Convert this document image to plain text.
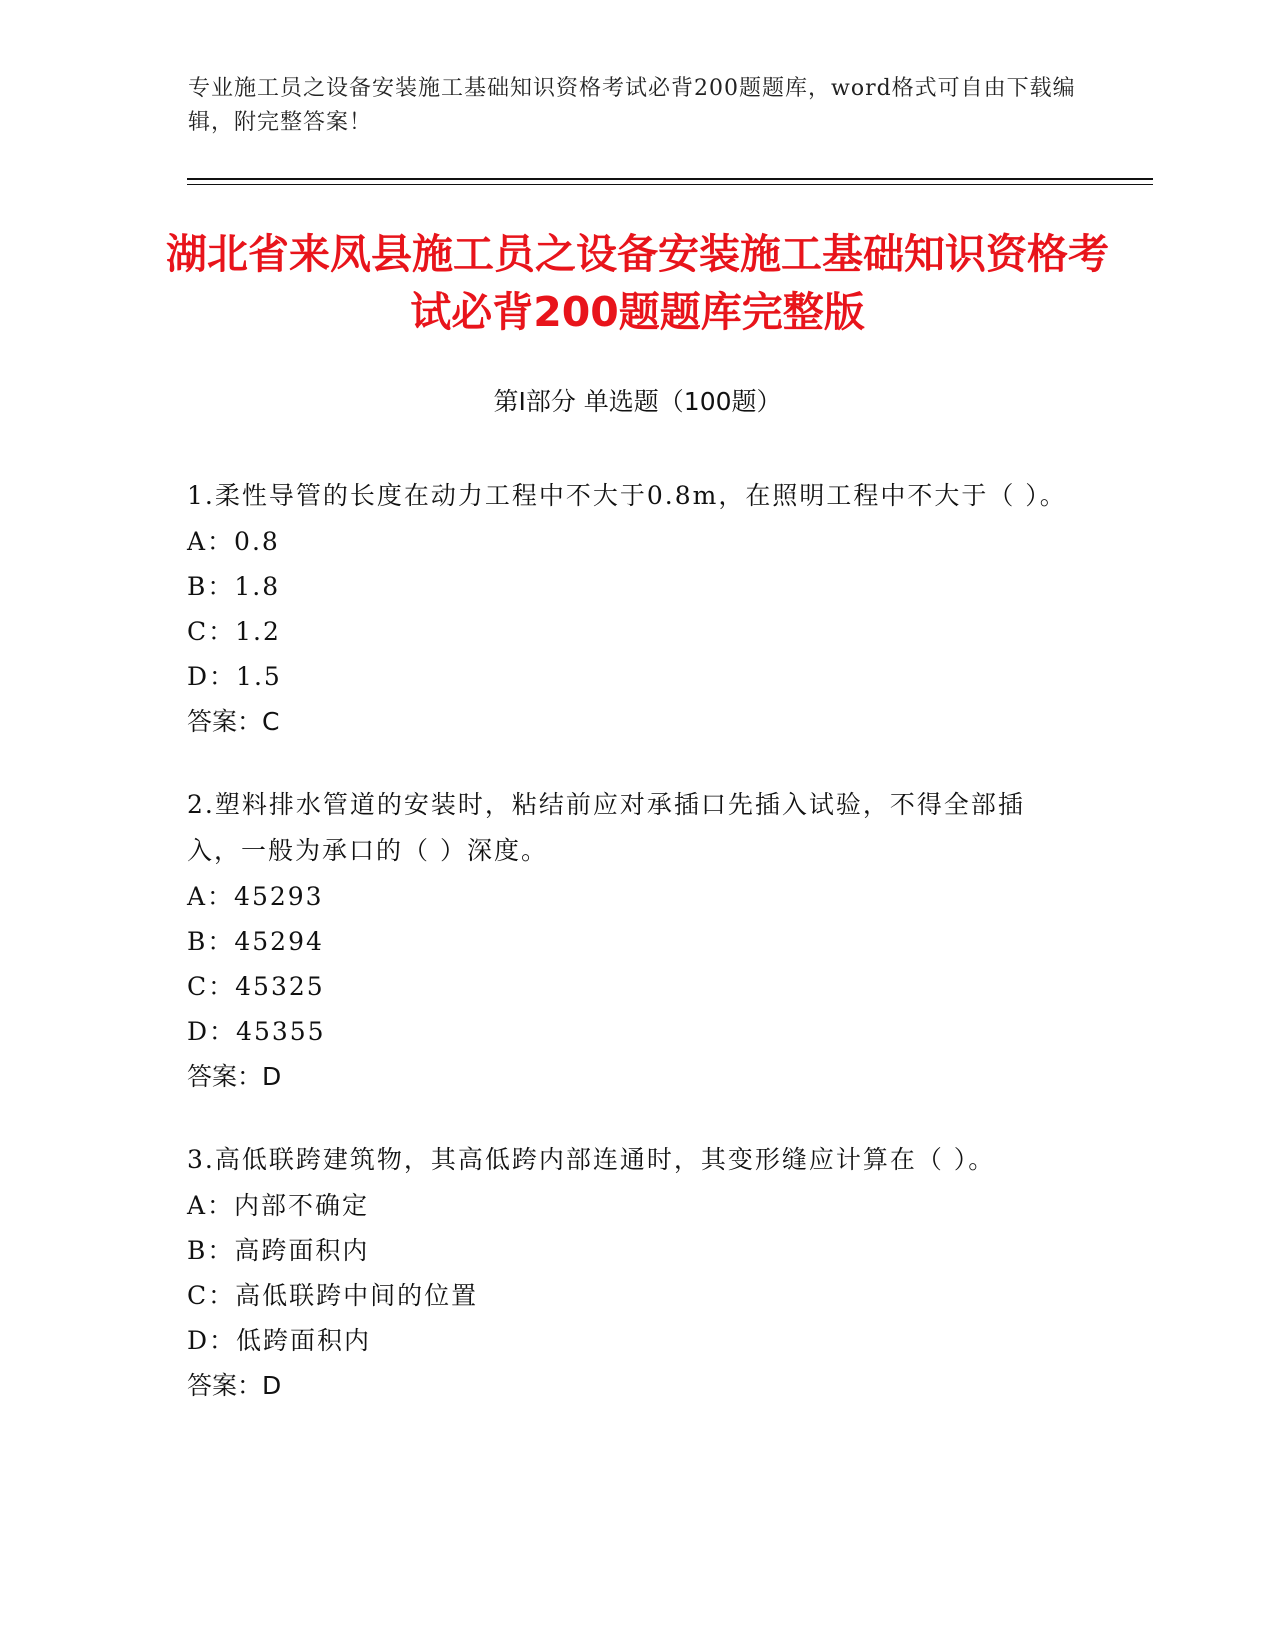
专业施工员之设备安装施工基础知识资格考试必背200题题库，word格式可自由下载编辑，附完整答案！
湖北省来凤县施工员之设备安装施工基础知识资格考试必背200题题库完整版
第Ⅰ部分 单选题（100题）
1.柔性导管的长度在动力工程中不大于0.8m，在照明工程中不大于（ ）。
A：0.8
B：1.8
C：1.2
D：1.5
答案：C
2.塑料排水管道的安装时，粘结前应对承插口先插入试验，不得全部插入，一般为承口的（ ）深度。
A：45293
B：45294
C：45325
D：45355
答案：D
3.高低联跨建筑物，其高低跨内部连通时，其变形缝应计算在（ ）。
A：内部不确定
B：高跨面积内
C：高低联跨中间的位置
D：低跨面积内
答案：D
